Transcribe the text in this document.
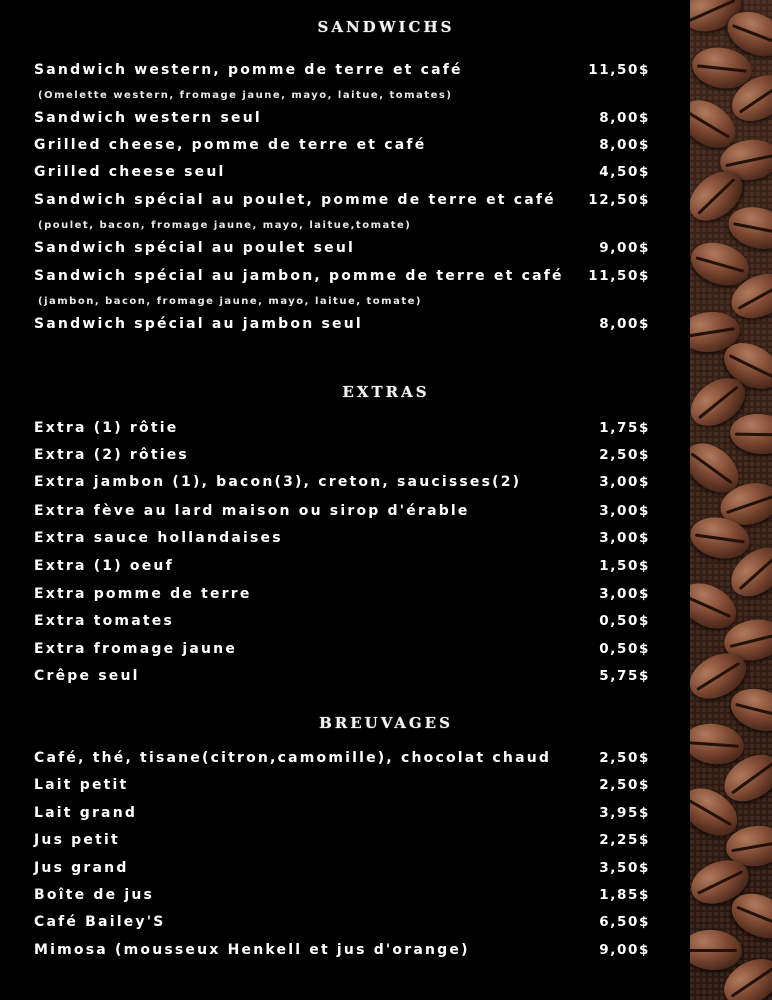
SANDWICHS
Sandwich western, pomme de terre et café	11,50$
(Omelette western, fromage jaune, mayo, laitue, tomates)
Sandwich western seul	8,00$
Grilled cheese, pomme de terre et café	8,00$
Grilled cheese seul	4,50$
Sandwich spécial au poulet, pomme de terre et café 12,50$
(poulet, bacon, fromage jaune, mayo, laitue,tomate)
Sandwich spécial au poulet seul	9,00$
Sandwich spécial au jambon, pomme de terre et café 11,50$
(jambon, bacon, fromage jaune, mayo, laitue, tomate)
Sandwich spécial au jambon seul	8,00$
EXTRAS
Extra (1) rôtie	1,75$
Extra (2) rôties	2,50$
Extra jambon (1), bacon(3), creton, saucisses(2)	3,00$
Extra fève au lard maison ou sirop d'érable	3,00$
Extra sauce hollandaises	3,00$
Extra (1) oeuf	1,50$
Extra pomme de terre	3,00$
Extra tomates	0,50$
Extra fromage jaune	0,50$
Crêpe seul	5,75$
BREUVAGES
Café, thé, tisane(citron,camomille), chocolat chaud	2,50$
Lait petit	2,50$
Lait grand	3,95$
Jus petit	2,25$
Jus grand	3,50$
Boîte de jus	1,85$
Café Bailey'S	6,50$
Mimosa (mousseux Henkell et jus d'orange)	9,00$
